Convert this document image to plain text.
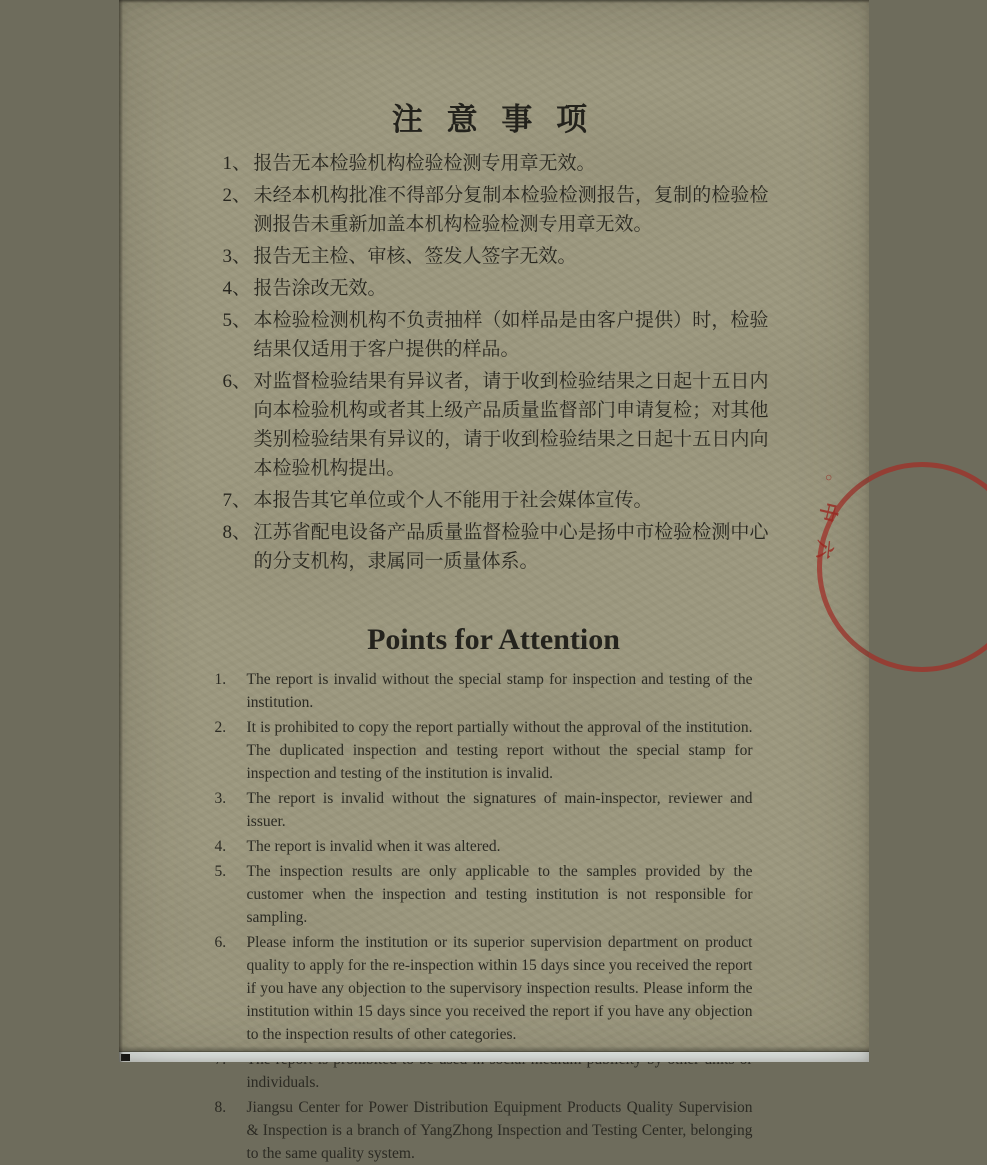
注 意 事 项
1、 报告无本检验机构检验检测专用章无效。
2、 未经本机构批准不得部分复制本检验检测报告，复制的检验检测报告未重新加盖本机构检验检测专用章无效。
3、 报告无主检、审核、签发人签字无效。
4、 报告涂改无效。
5、 本检验检测机构不负责抽样（如样品是由客户提供）时，检验结果仅适用于客户提供的样品。
6、 对监督检验结果有异议者，请于收到检验结果之日起十五日内向本检验机构或者其上级产品质量监督部门申请复检；对其他类别检验结果有异议的，请于收到检验结果之日起十五日内向本检验机构提出。
7、 本报告其它单位或个人不能用于社会媒体宣传。
8、 江苏省配电设备产品质量监督检验中心是扬中市检验检测中心的分支机构，隶属同一质量体系。
Points for Attention
1.	The report is invalid without the special stamp for inspection and testing of the institution.
2.	It is prohibited to copy the report partially without the approval of the institution. The duplicated inspection and testing report without the special stamp for inspection and testing of the institution is invalid.
3.	The report is invalid without the signatures of main-inspector, reviewer and issuer.
4.	The report is invalid when it was altered.
5.	The inspection results are only applicable to the samples provided by the customer when the inspection and testing institution is not responsible for sampling.
6.	Please inform the institution or its superior supervision department on product quality to apply for the re-inspection within 15 days since you received the report if you have any objection to the supervisory inspection results. Please inform the institution within 15 days since you received the report if you have any objection to the inspection results of other categories.
individuals.
8.	Jiangsu Center for Power Distribution Equipment Products Quality Supervision & Inspection is a branch of YangZhong Inspection and Testing Center, belonging to the same quality system.
○
中
六
